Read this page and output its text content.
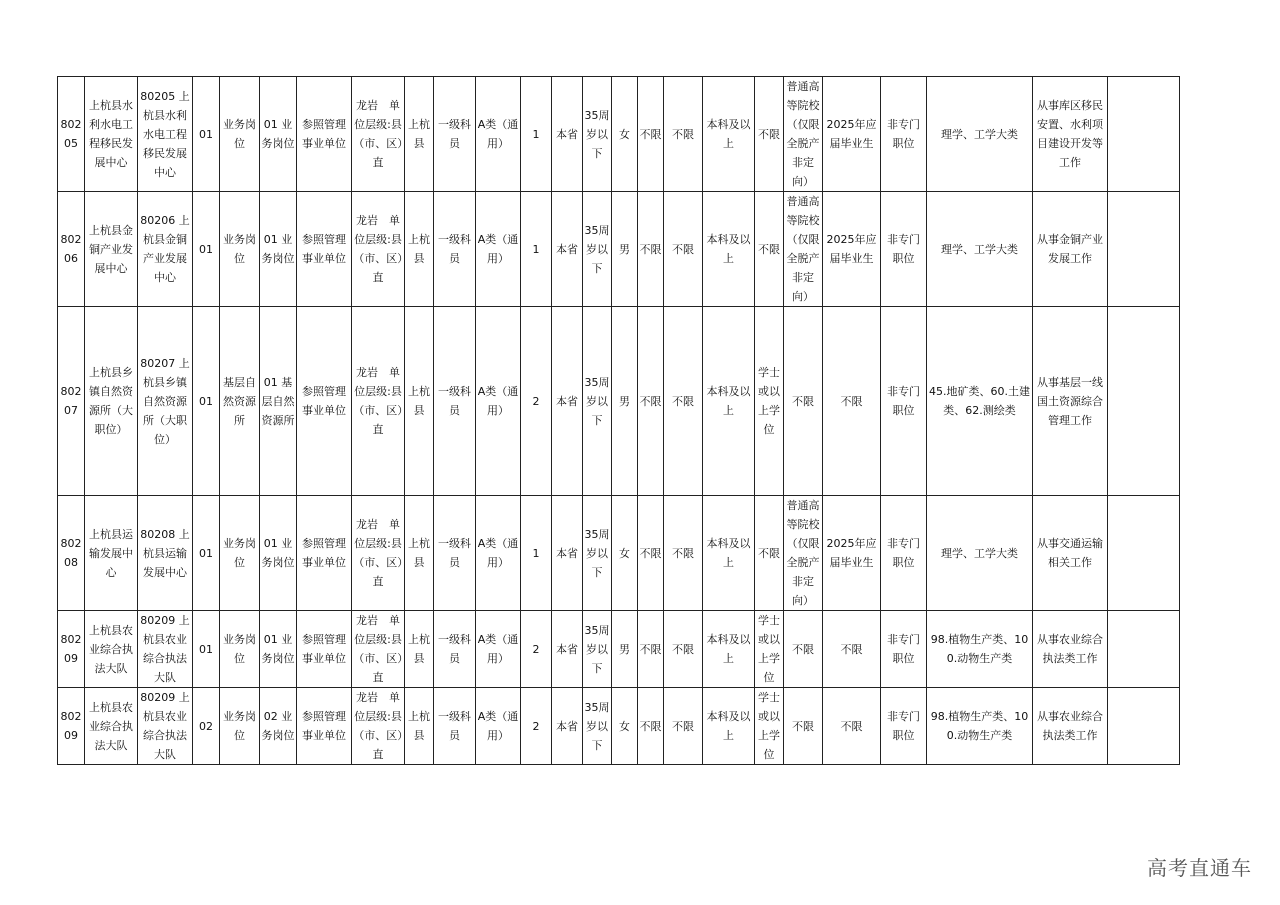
80205	上杭县水利水电工程移民发展中心	80205 上杭县水利水电工程移民发展中心	01	业务岗位	01 业务岗位	参照管理事业单位	龙岩　单位层级:县（市、区）直	上杭县	一级科员	A类（通用）	1	本省	35周岁以下	女	不限	不限	本科及以上	不限	普通高等院校（仅限全脱产非定向）	2025年应届毕业生	非专门职位	理学、工学大类	从事库区移民安置、水利项目建设开发等工作	
80206	上杭县金铜产业发展中心	80206 上杭县金铜产业发展中心	01	业务岗位	01 业务岗位	参照管理事业单位	龙岩　单位层级:县（市、区）直	上杭县	一级科员	A类（通用）	1	本省	35周岁以下	男	不限	不限	本科及以上	不限	普通高等院校（仅限全脱产非定向）	2025年应届毕业生	非专门职位	理学、工学大类	从事金铜产业发展工作	
80207	上杭县乡镇自然资源所（大职位）	80207 上杭县乡镇自然资源所（大职位）	01	基层自然资源所	01 基层自然资源所	参照管理事业单位	龙岩　单位层级:县（市、区）直	上杭县	一级科员	A类（通用）	2	本省	35周岁以下	男	不限	不限	本科及以上	学士或以上学位	不限	不限	非专门职位	45.地矿类、60.土建类、62.测绘类	从事基层一线国土资源综合管理工作	
80208	上杭县运输发展中心	80208 上杭县运输发展中心	01	业务岗位	01 业务岗位	参照管理事业单位	龙岩　单位层级:县（市、区）直	上杭县	一级科员	A类（通用）	1	本省	35周岁以下	女	不限	不限	本科及以上	不限	普通高等院校（仅限全脱产非定向）	2025年应届毕业生	非专门职位	理学、工学大类	从事交通运输相关工作	
80209	上杭县农业综合执法大队	80209 上杭县农业综合执法大队	01	业务岗位	01 业务岗位	参照管理事业单位	龙岩　单位层级:县（市、区）直	上杭县	一级科员	A类（通用）	2	本省	35周岁以下	男	不限	不限	本科及以上	学士或以上学位	不限	不限	非专门职位	98.植物生产类、100.动物生产类	从事农业综合执法类工作	
80209	上杭县农业综合执法大队	80209 上杭县农业综合执法大队	02	业务岗位	02 业务岗位	参照管理事业单位	龙岩　单位层级:县（市、区）直	上杭县	一级科员	A类（通用）	2	本省	35周岁以下	女	不限	不限	本科及以上	学士或以上学位	不限	不限	非专门职位	98.植物生产类、100.动物生产类	从事农业综合执法类工作	
高考直通车
